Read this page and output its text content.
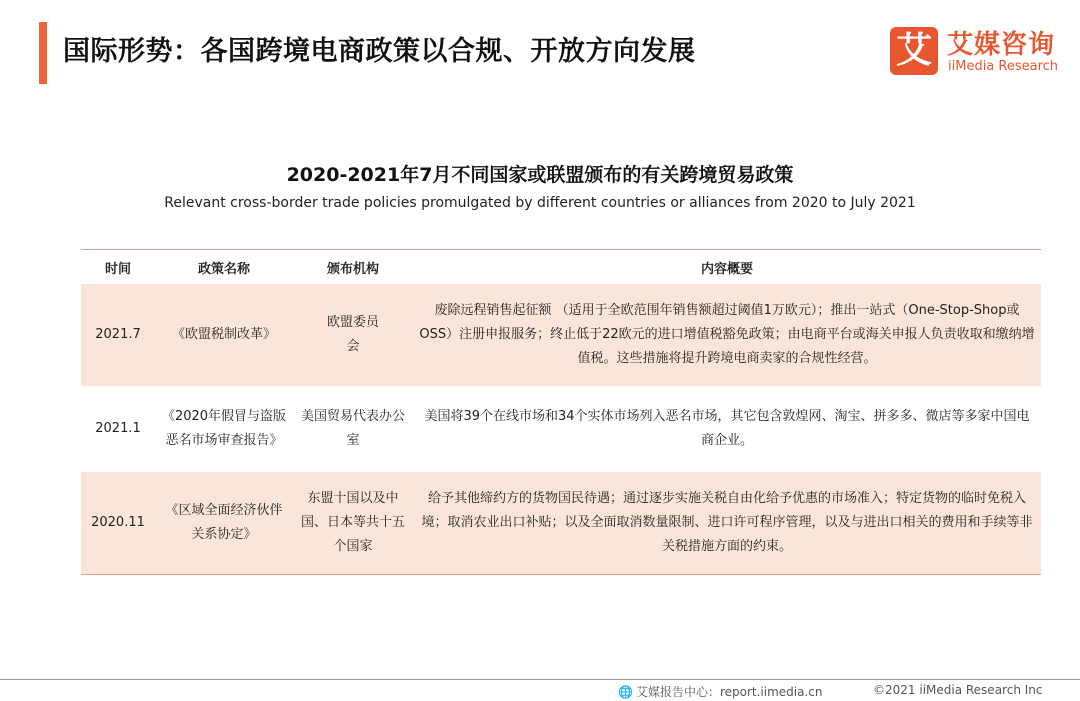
国际形势：各国跨境电商政策以合规、开放方向发展	艾 艾媒咨询
iiMedia Research
2020-2021年7月不同国家或联盟颁布的有关跨境贸易政策
Relevant cross-border trade policies promulgated by different countries or alliances from 2020 to July 2021
时间	政策名称	颁布机构	内容概要
2021.7	《欧盟税制改革》	欧盟委员会	废除远程销售起征额 （适用于全欧范围年销售额超过阈值1万欧元）；推出一站式（One-Stop-Shop或OSS）注册申报服务；终止低于22欧元的进口增值税豁免政策；由电商平台或海关申报人负责收取和缴纳增值税。这些措施将提升跨境电商卖家的合规性经营。
2021.1	《2020年假冒与盗版恶名市场审查报告》	美国贸易代表办公室	美国将39个在线市场和34个实体市场列入恶名市场，其它包含敦煌网、淘宝、拼多多、微店等多家中国电商企业。
2020.11	《区域全面经济伙伴关系协定》	东盟十国以及中国、日本等共十五个国家	给予其他缔约方的货物国民待遇；通过逐步实施关税自由化给予优惠的市场准入；特定货物的临时免税入境；取消农业出口补贴；以及全面取消数量限制、进口许可程序管理，以及与进出口相关的费用和手续等非关税措施方面的约束。
🌐 艾媒报告中心：report.iimedia.cn	©2021 iiMedia Research Inc
